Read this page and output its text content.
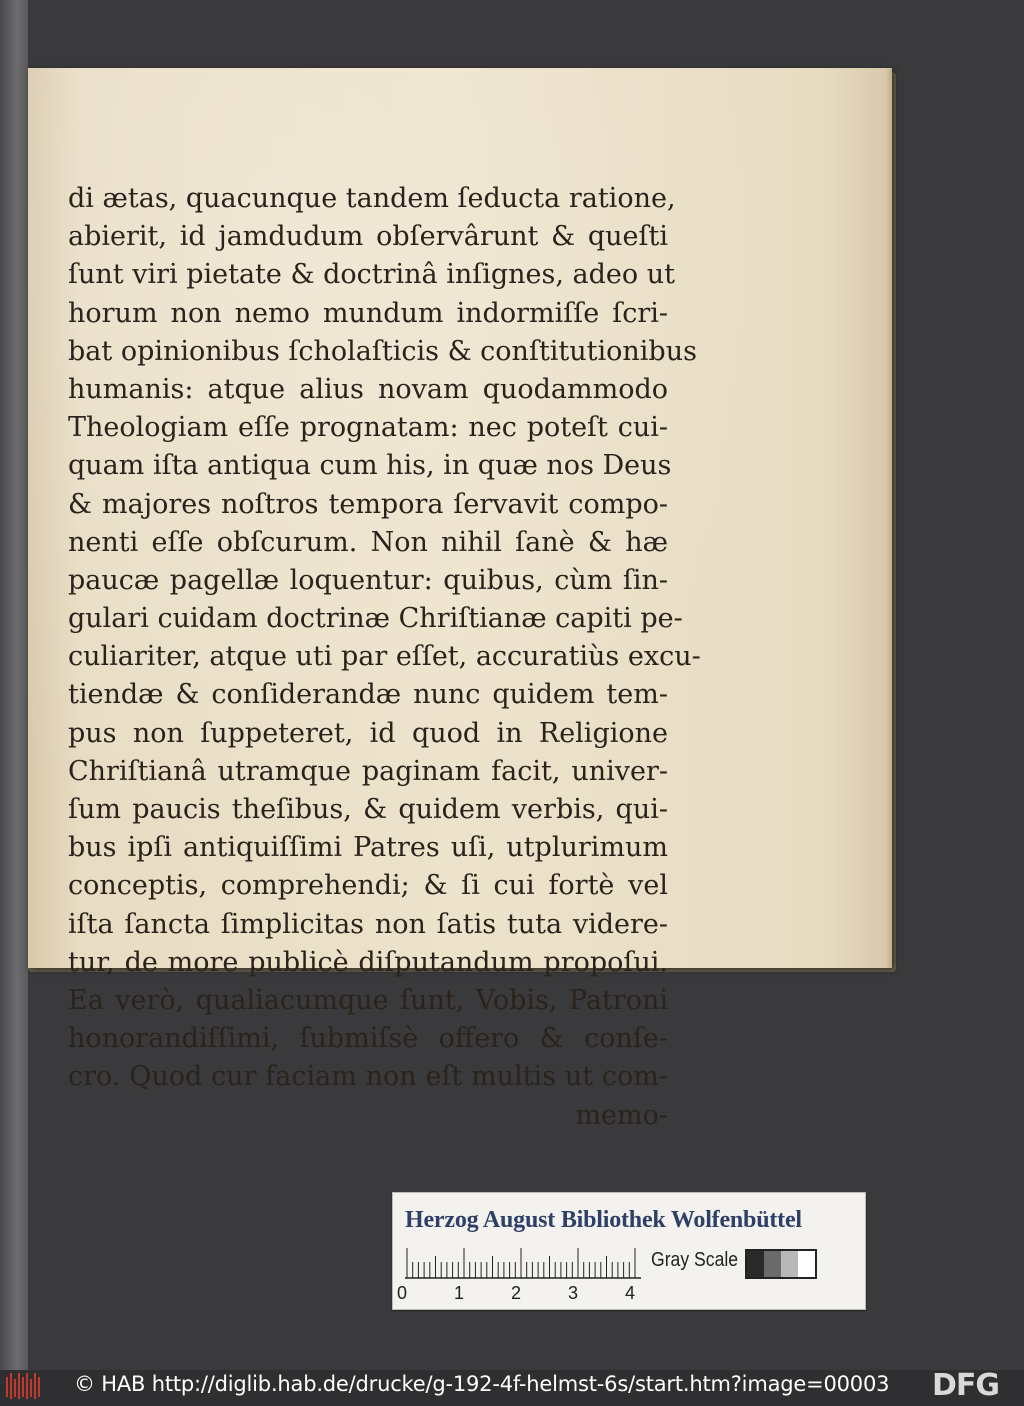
di ætas, quacunque tandem ſeducta ratione,
abierit, id jamdudum obſervârunt & queſti
ſunt viri pietate & doctrinâ inſignes, adeo ut
horum non nemo mundum indormiſſe ſcri-
bat opinionibus ſcholaſticis & conſtitutionibus
humanis: atque alius novam quodammodo
Theologiam eſſe prognatam: nec poteſt cui-
quam iſta antiqua cum his, in quæ nos Deus
& majores noſtros tempora ſervavit compo-
nenti eſſe obſcurum. Non nihil ſanè & hæ
paucæ pagellæ loquentur: quibus, cùm ſin-
gulari cuidam doctrinæ Chriſtianæ capiti pe-
culiariter, atque uti par eſſet, accuratiùs excu-
tiendæ & conſiderandæ nunc quidem tem-
pus non ſuppeteret, id quod in Religione
Chriſtianâ utramque paginam facit, univer-
ſum paucis theſibus, & quidem verbis, qui-
bus ipſi antiquiſſimi Patres uſi, utplurimum
conceptis, comprehendi; & ſi cui fortè vel
iſta ſancta ſimplicitas non ſatis tuta videre-
tur, de more publicè diſputandum propoſui.
Ea verò, qualiacumque ſunt, Vobis, Patroni
honorandiſſimi, ſubmiſsè offero & conſe-
cro. Quod cur faciam non eſt multis ut com-
memo-
Herzog August Bibliothek Wolfenbüttel
0	1	2	3	4
Gray Scale
© HAB http://diglib.hab.de/drucke/g-192-4f-helmst-6s/start.htm?image=00003 DFG
